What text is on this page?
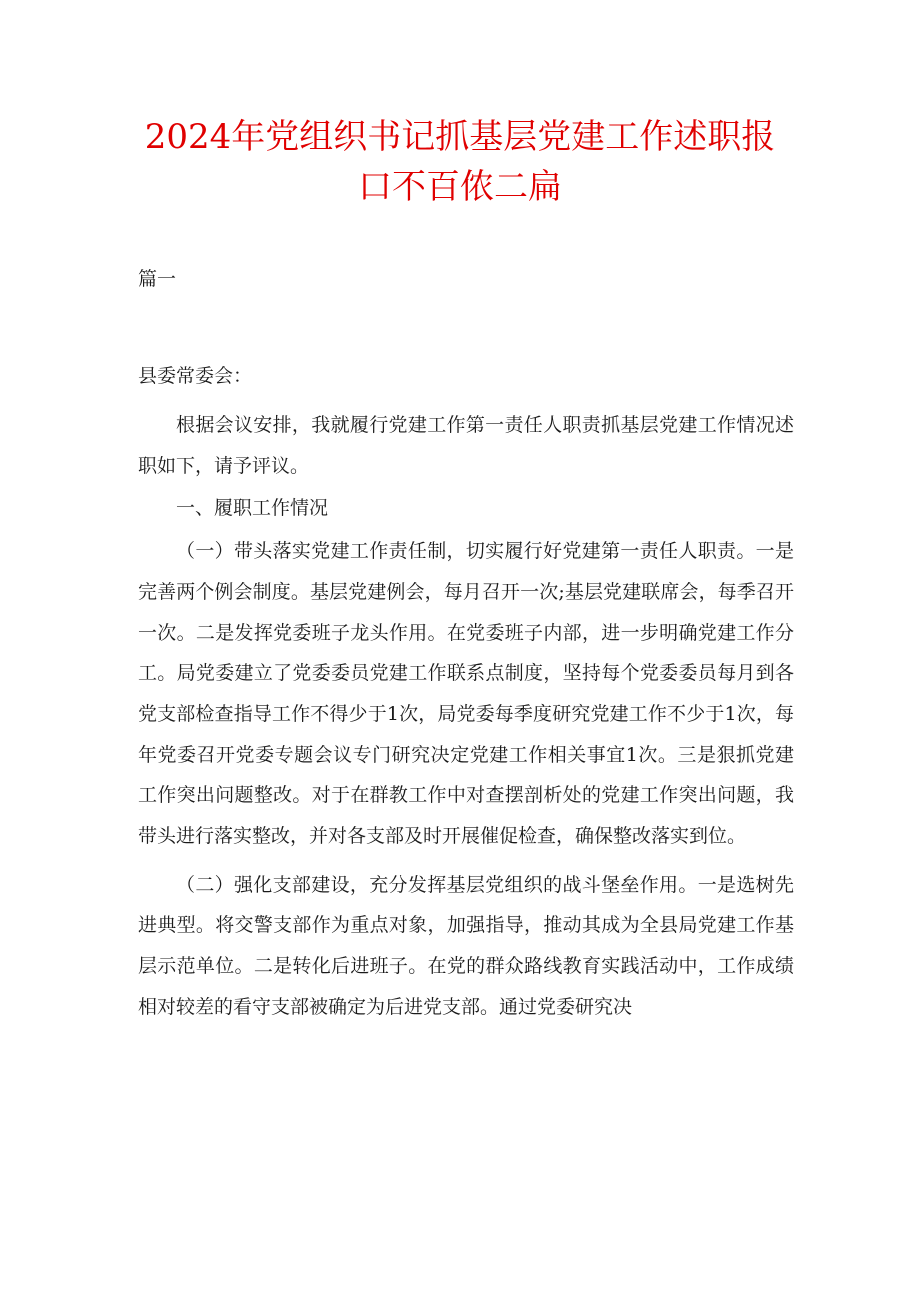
2024年党组织书记抓基层党建工作述职报
口不百侬二扁
篇一
县委常委会：

根据会议安排，我就履行党建工作第一责任人职责抓基层党建工作情况述职如下，请予评议。

一、履职工作情况

（一）带头落实党建工作责任制，切实履行好党建第一责任人职责。一是完善两个例会制度。基层党建例会，每月召开一次;基层党建联席会，每季召开一次。二是发挥党委班子龙头作用。在党委班子内部，进一步明确党建工作分工。局党委建立了党委委员党建工作联系点制度，坚持每个党委委员每月到各党支部检查指导工作不得少于1次，局党委每季度研究党建工作不少于1次，每年党委召开党委专题会议专门研究决定党建工作相关事宜1次。三是狠抓党建工作突出问题整改。对于在群教工作中对查摆剖析处的党建工作突出问题，我带头进行落实整改，并对各支部及时开展催促检查，确保整改落实到位。

（二）强化支部建设，充分发挥基层党组织的战斗堡垒作用。一是选树先进典型。将交警支部作为重点对象，加强指导，推动其成为全县局党建工作基层示范单位。二是转化后进班子。在党的群众路线教育实践活动中，工作成绩相对较差的看守支部被确定为后进党支部。通过党委研究决
